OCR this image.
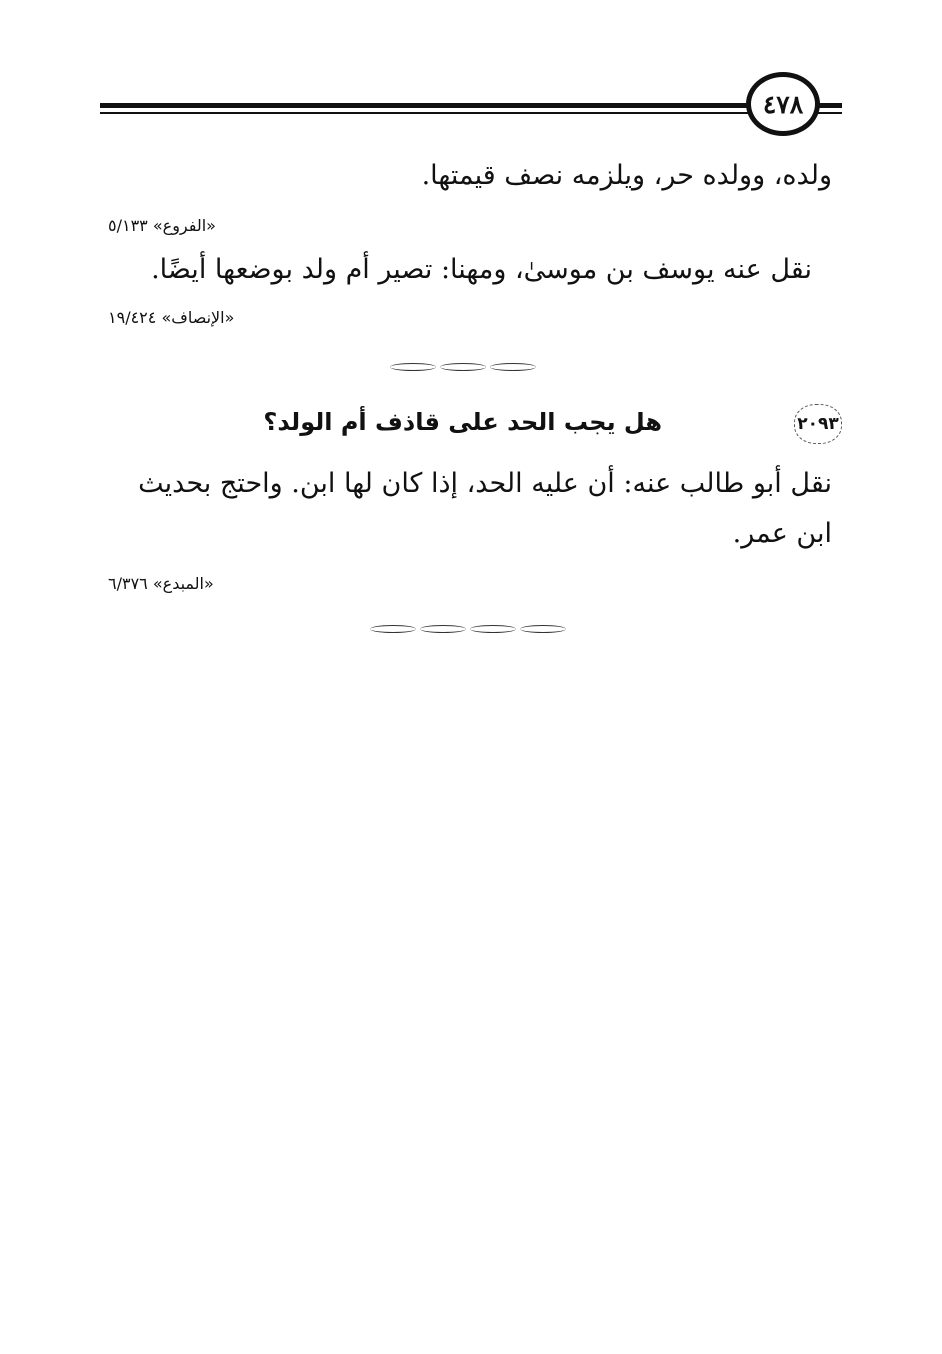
٤٧٨
ولده، وولده حر، ويلزمه نصف قيمتها.
«الفروع» ٥/١٣٣
نقل عنه يوسف بن موسىٰ، ومهنا: تصير أم ولد بوضعها أيضًا.
«الإنصاف» ١٩/٤٢٤
٢٠٩٣
هل يجب الحد على قاذف أم الولد؟
نقل أبو طالب عنه: أن عليه الحد، إذا كان لها ابن. واحتج بحديث
ابن عمر.
«المبدع» ٦/٣٧٦
